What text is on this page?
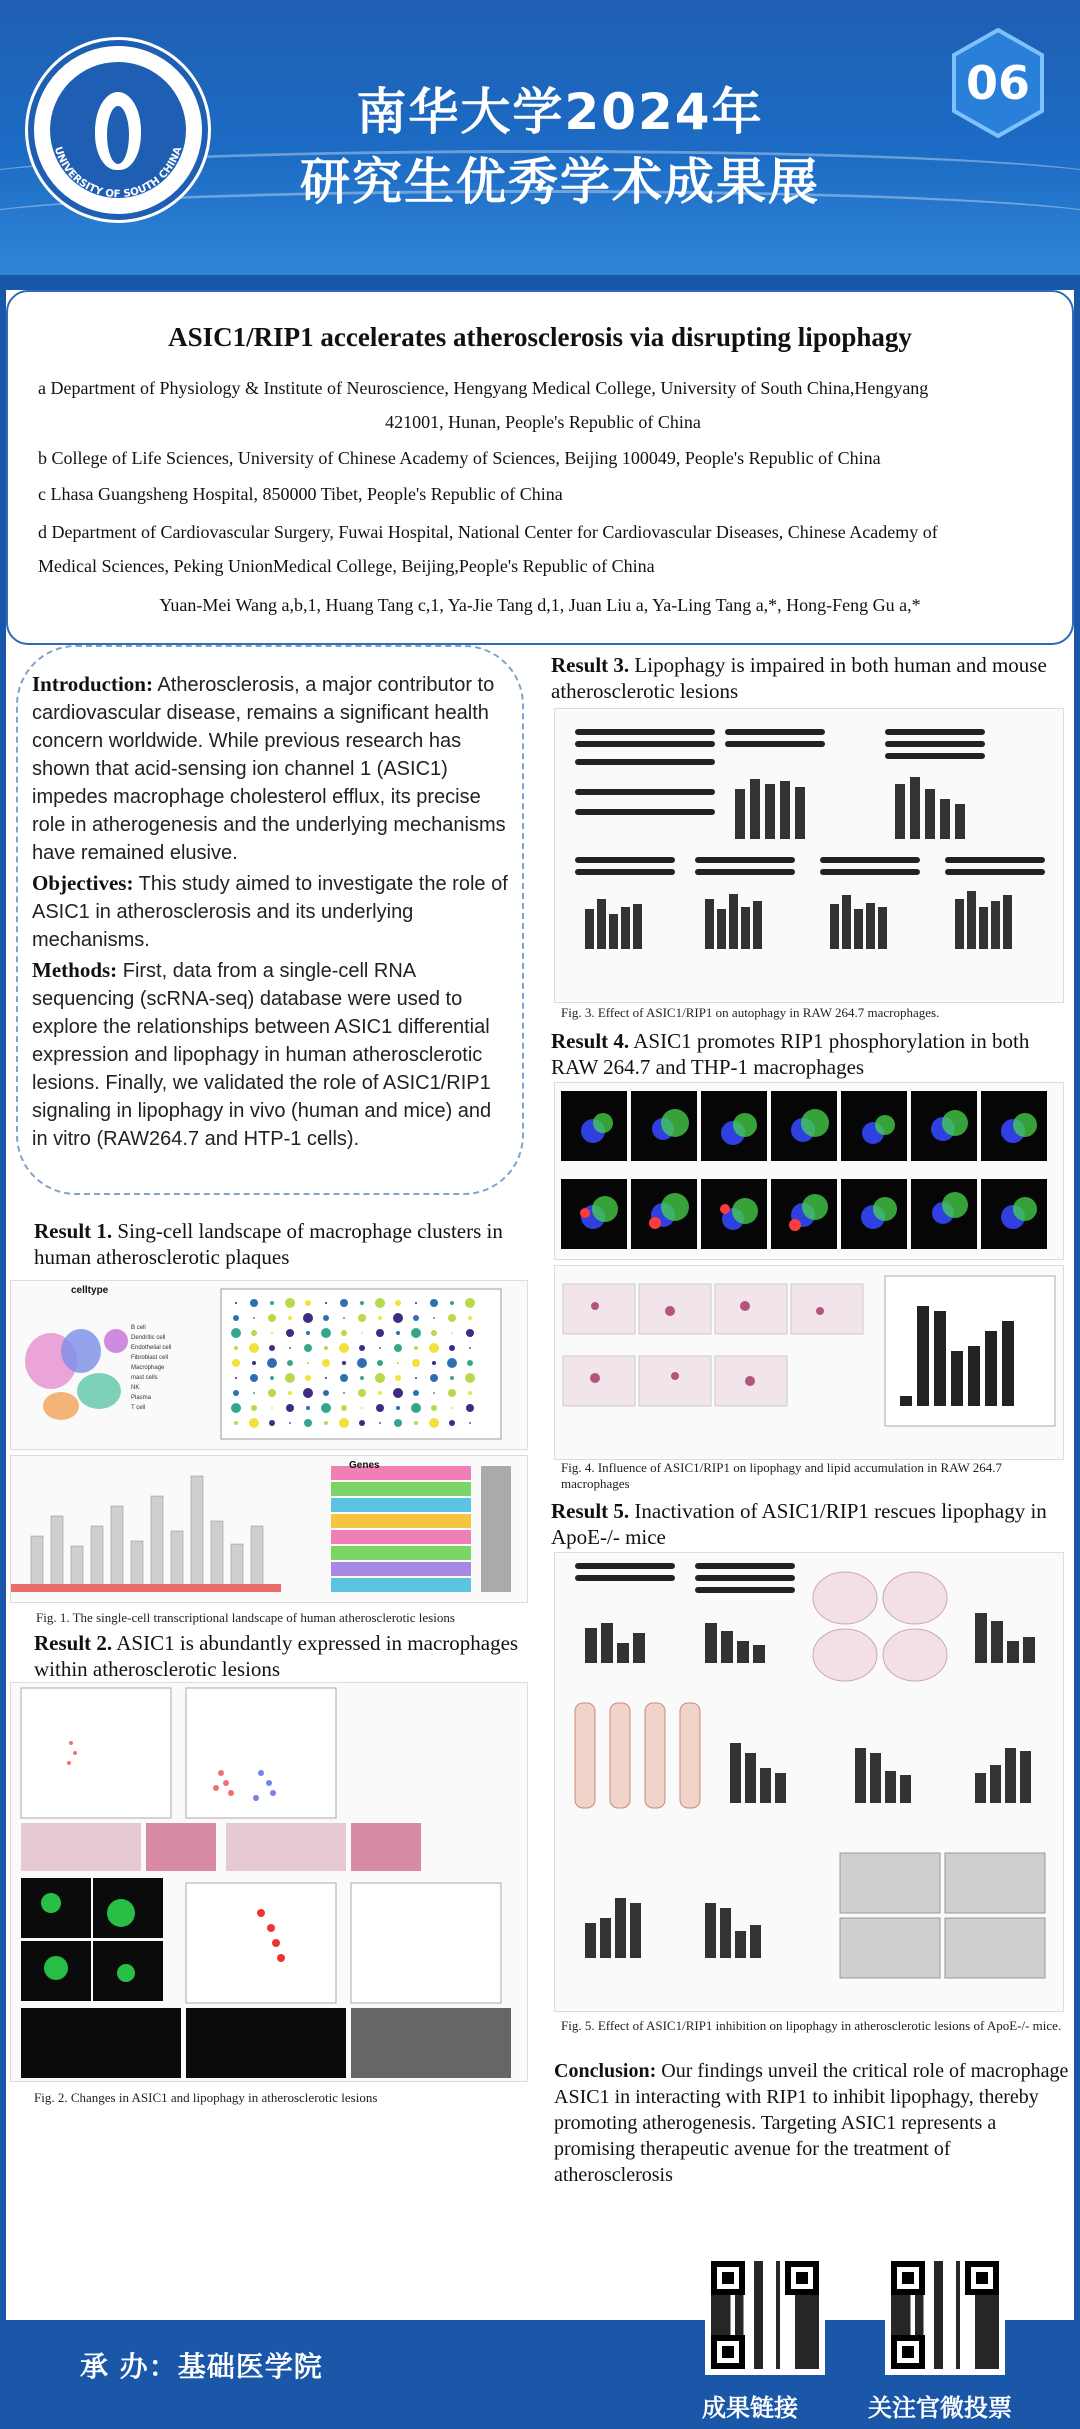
UNIVERSITY OF SOUTH CHINA
南华大学2024年
研究生优秀学术成果展
06
ASIC1/RIP1 accelerates atherosclerosis via disrupting lipophagy
a Department of Physiology & Institute of Neuroscience, Hengyang Medical College, University of South China,Hengyang
421001, Hunan, People's Republic of China
b College of Life Sciences, University of Chinese Academy of Sciences, Beijing 100049, People's Republic of China
c Lhasa Guangsheng Hospital, 850000 Tibet, People's Republic of China
d Department of Cardiovascular Surgery, Fuwai Hospital, National Center for Cardiovascular Diseases, Chinese Academy of
Medical Sciences, Peking UnionMedical College, Beijing,People's Republic of China
Yuan-Mei Wang a,b,1, Huang Tang c,1, Ya-Jie Tang d,1, Juan Liu a, Ya-Ling Tang a,*, Hong-Feng Gu a,*

Introduction: Atherosclerosis, a major contributor to cardiovascular disease, remains a significant health concern worldwide. While previous research has shown that acid-sensing ion channel 1 (ASIC1) impedes macrophage cholesterol efflux, its precise role in atherogenesis and the underlying mechanisms have remained elusive.

Objectives: This study aimed to investigate the role of ASIC1 in atherosclerosis and its underlying mechanisms.

Methods: First, data from a single-cell RNA sequencing (scRNA-seq) database were used to explore the relationships between ASIC1 differential expression and lipophagy in human atherosclerotic lesions. Finally, we validated the role of ASIC1/RIP1 signaling in lipophagy in vivo (human and mice) and in vitro (RAW264.7 and HTP-1 cells).

Result 1. Sing-cell landscape of macrophage clusters in human atherosclerotic plaques
B cell
Dendritic cell
Endothelial cell
Fibroblast cell
Macrophage
mast cells
NK
Plasma
T cell
celltype
Genes
Fig. 1. The single-cell transcriptional landscape of human atherosclerotic lesions
Result 2. ASIC1 is abundantly expressed in macrophages within atherosclerotic lesions
Fig. 2. Changes in ASIC1 and lipophagy in atherosclerotic lesions
Result 3. Lipophagy is impaired in both human and mouse atherosclerotic lesions
Fig. 3. Effect of ASIC1/RIP1 on autophagy in RAW 264.7 macrophages.
Result 4. ASIC1 promotes RIP1 phosphorylation in both RAW 264.7 and THP-1 macrophages
Fig. 4. Influence of ASIC1/RIP1 on lipophagy and lipid accumulation in RAW 264.7 macrophages
Result 5. Inactivation of ASIC1/RIP1 rescues lipophagy in ApoE-/- mice
Fig. 5. Effect of ASIC1/RIP1 inhibition on lipophagy in atherosclerotic lesions of ApoE-/- mice.
Conclusion: Our findings unveil the critical role of macrophage ASIC1 in interacting with RIP1 to inhibit lipophagy, thereby promoting atherogenesis. Targeting ASIC1 represents a promising therapeutic avenue for the treatment of atherosclerosis
主 办：党委研究生工作部/研究生院
承 办：基础医学院
成果链接	关注官微投票
